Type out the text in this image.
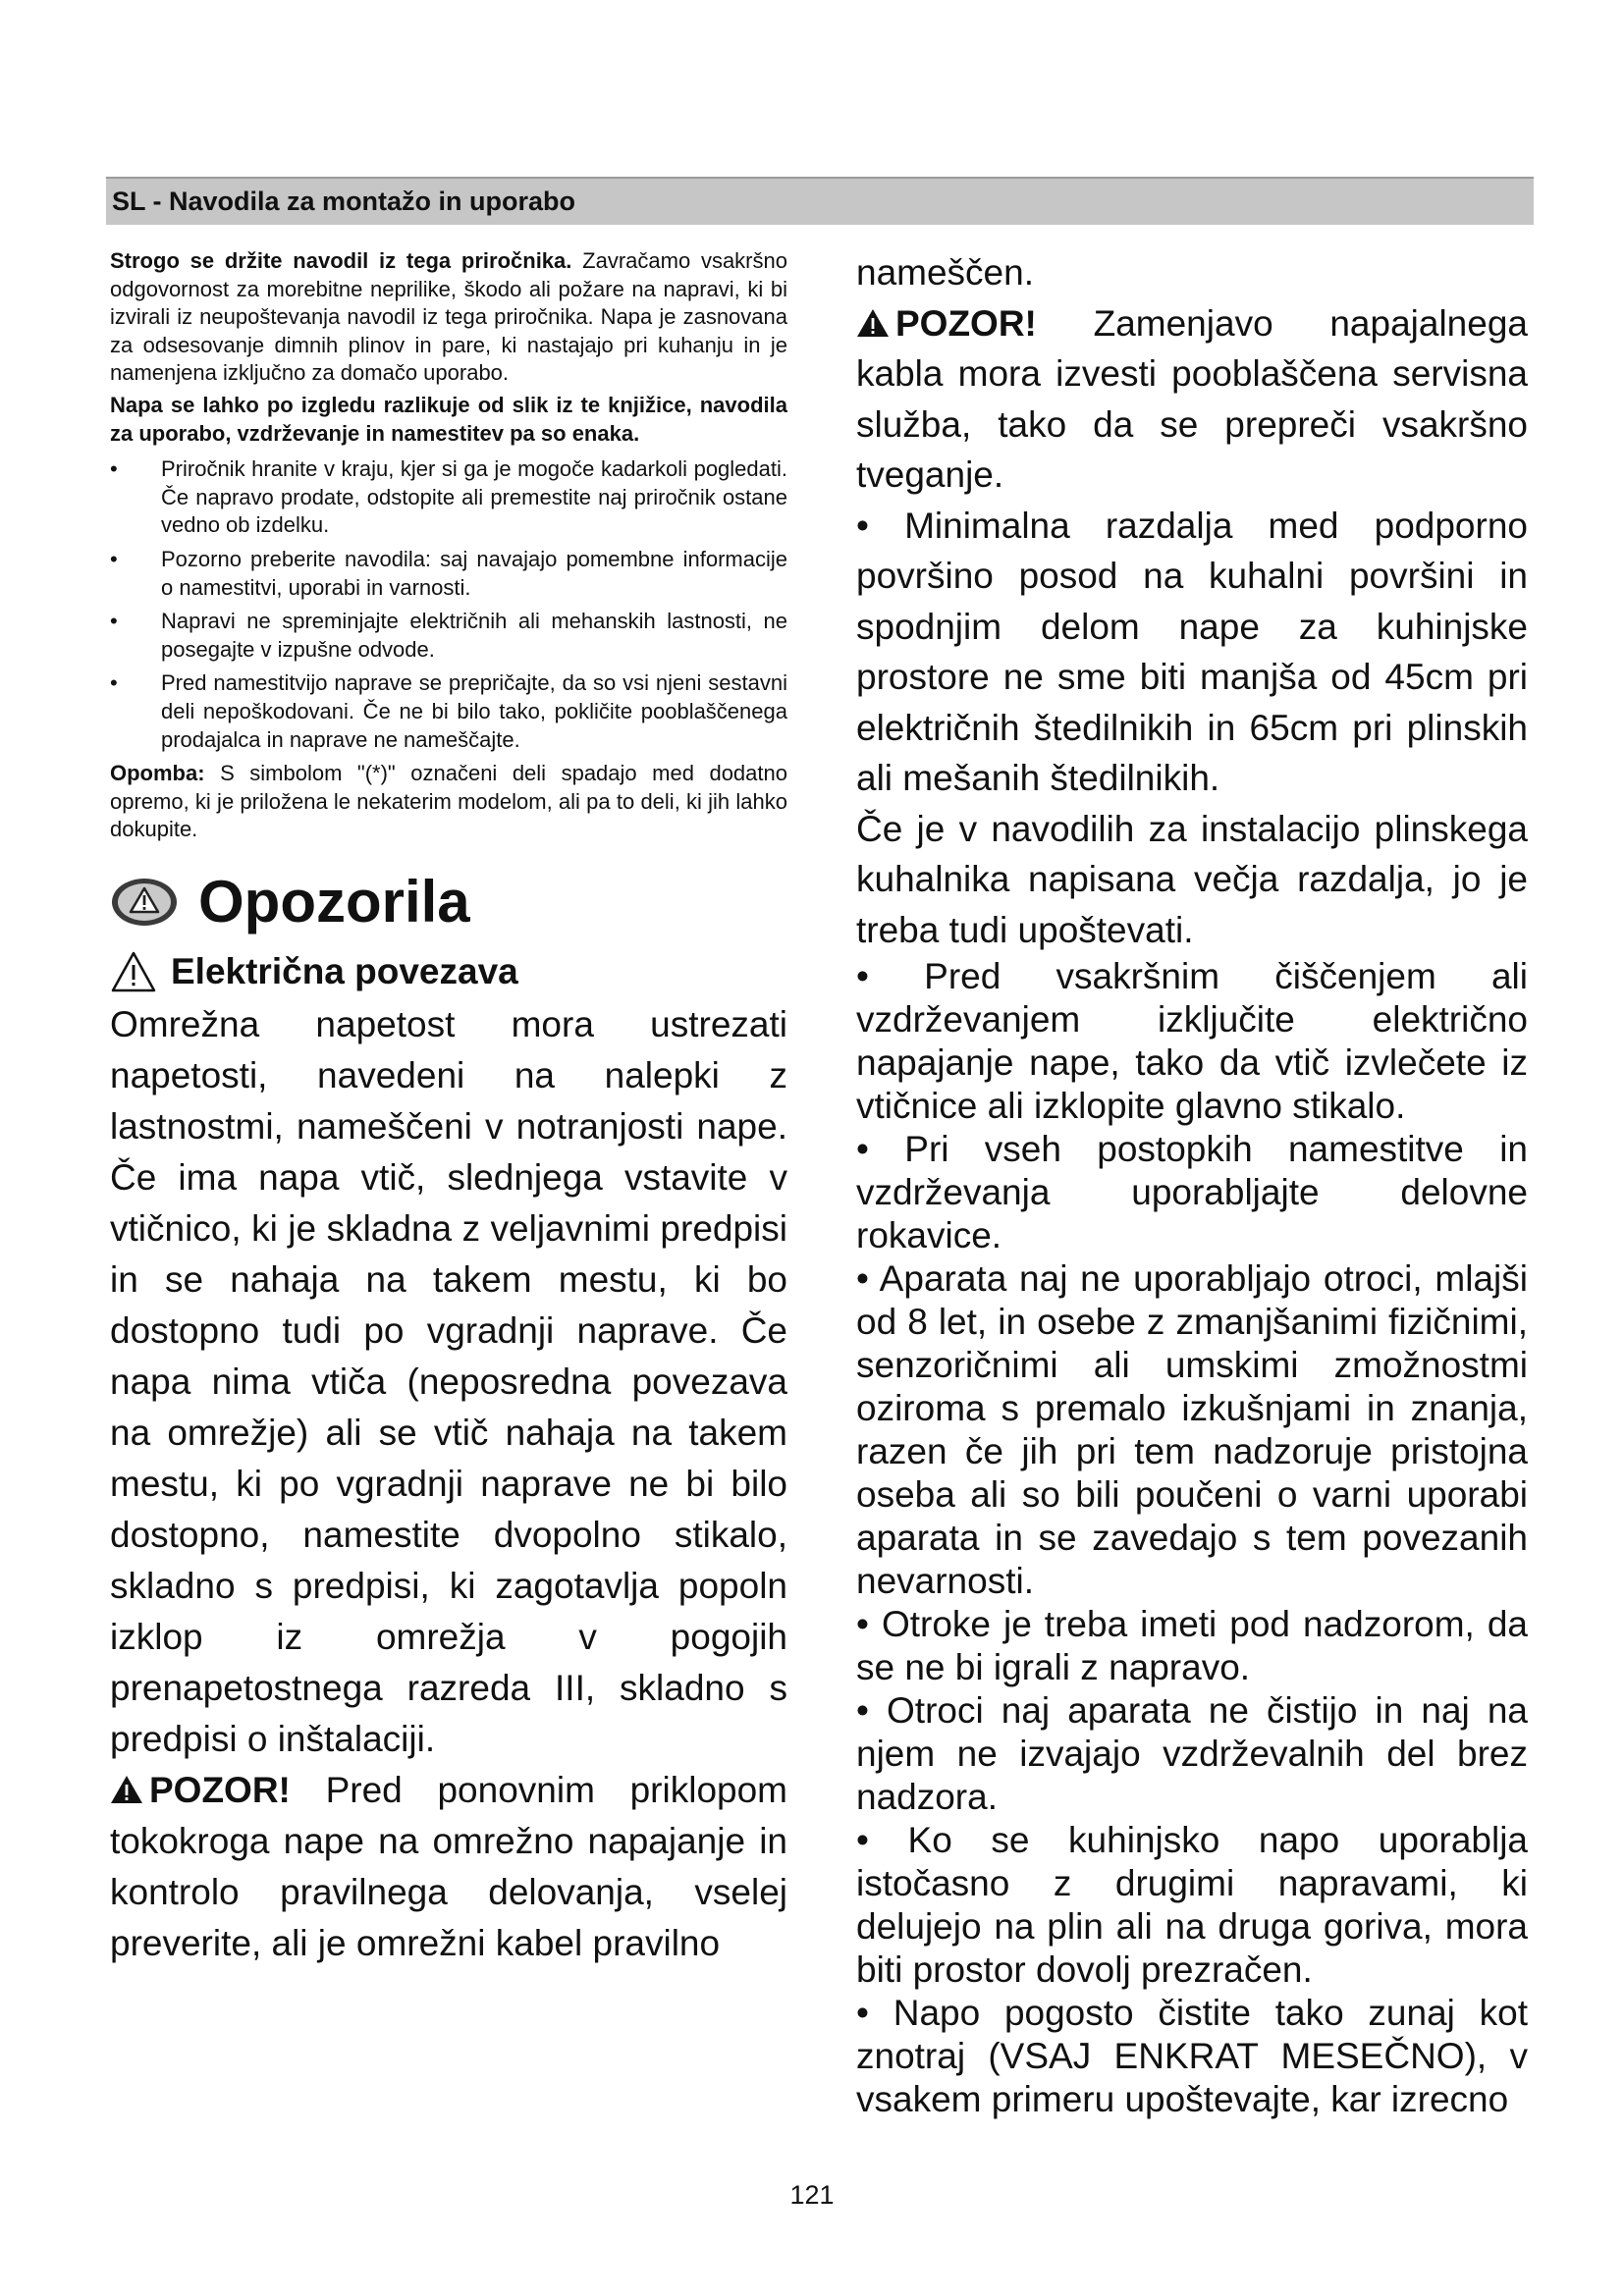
SL - Navodila za montažo in uporabo

Strogo se držite navodil iz tega priročnika. Zavračamo vsakršno odgovornost za morebitne neprilike, škodo ali požare na napravi, ki bi izvirali iz neupoštevanja navodil iz tega priročnika. Napa je zasnovana za odsesovanje dimnih plinov in pare, ki nastajajo pri kuhanju in je namenjena izključno za domačo uporabo.

Napa se lahko po izgledu razlikuje od slik iz te knjižice, navodila za uporabo, vzdrževanje in namestitev pa so enaka.

• Priročnik hranite v kraju, kjer si ga je mogoče kadarkoli pogledati. Če napravo prodate, odstopite ali premestite naj priročnik ostane vedno ob izdelku.
• Pozorno preberite navodila: saj navajajo pomembne informacije o namestitvi, uporabi in varnosti.
• Napravi ne spreminjajte električnih ali mehanskih lastnosti, ne posegajte v izpušne odvode.
• Pred namestitvijo naprave se prepričajte, da so vsi njeni sestavni deli nepoškodovani. Če ne bi bilo tako, pokličite pooblaščenega prodajalca in naprave ne nameščajte.

Opomba: S simbolom "(*)" označeni deli spadajo med dodatno opremo, ki je priložena le nekaterim modelom, ali pa to deli, ki jih lahko dokupite.

Opozorila
Električna povezava

Omrežna napetost mora ustrezati napetosti, navedeni na nalepki z lastnostmi, nameščeni v notranjosti nape. Če ima napa vtič, slednjega vstavite v vtičnico, ki je skladna z veljavnimi predpisi in se nahaja na takem mestu, ki bo dostopno tudi po vgradnji naprave. Če napa nima vtiča (neposredna povezava na omrežje) ali se vtič nahaja na takem mestu, ki po vgradnji naprave ne bi bilo dostopno, namestite dvopolno stikalo, skladno s predpisi, ki zagotavlja popoln izklop iz omrežja v pogojih prenapetostnega razreda III, skladno s predpisi o inštalaciji.

POZOR! Pred ponovnim priklopom tokokroga nape na omrežno napajanje in kontrolo pravilnega delovanja, vselej preverite, ali je omrežni kabel pravilno

nameščen.

POZOR! Zamenjavo napajalnega kabla mora izvesti pooblaščena servisna služba, tako da se prepreči vsakršno tveganje.

• Minimalna razdalja med podporno površino posod na kuhalni površini in spodnjim delom nape za kuhinjske prostore ne sme biti manjša od 45cm pri električnih štedilnikih in 65cm pri plinskih ali mešanih štedilnikih.

Če je v navodilih za instalacijo plinskega kuhalnika napisana večja razdalja, jo je treba tudi upoštevati.

• Pred vsakršnim čiščenjem ali vzdrževanjem izključite električno napajanje nape, tako da vtič izvlečete iz vtičnice ali izklopite glavno stikalo.

• Pri vseh postopkih namestitve in vzdrževanja uporabljajte delovne rokavice.

• Aparata naj ne uporabljajo otroci, mlajši od 8 let, in osebe z zmanjšanimi fizičnimi, senzoričnimi ali umskimi zmožnostmi oziroma s premalo izkušnjami in znanja, razen če jih pri tem nadzoruje pristojna oseba ali so bili poučeni o varni uporabi aparata in se zavedajo s tem povezanih nevarnosti.

• Otroke je treba imeti pod nadzorom, da se ne bi igrali z napravo.

• Otroci naj aparata ne čistijo in naj na njem ne izvajajo vzdrževalnih del brez nadzora.

• Ko se kuhinjsko napo uporablja istočasno z drugimi napravami, ki delujejo na plin ali na druga goriva, mora biti prostor dovolj prezračen.

• Napo pogosto čistite tako zunaj kot znotraj (VSAJ ENKRAT MESEČNO), v vsakem primeru upoštevajte, kar izrecno

121
